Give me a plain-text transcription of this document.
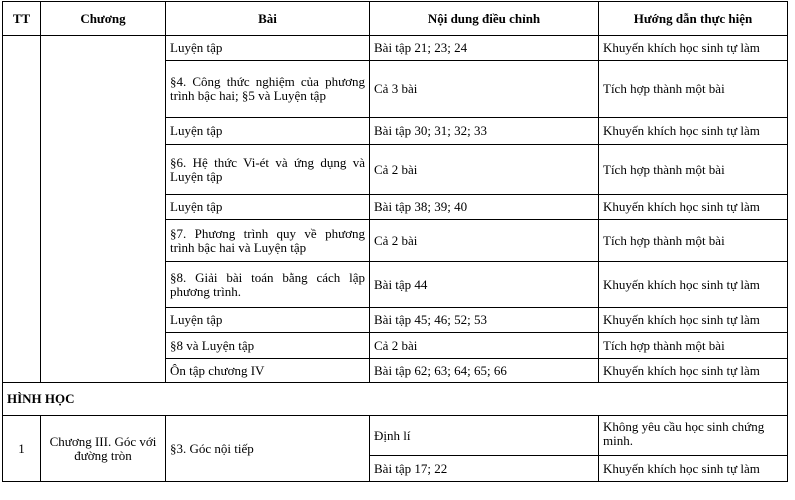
TT	Chương	Bài	Nội dung điều chỉnh	Hướng dẫn thực hiện
		Luyện tập	Bài tập 21; 23; 24	Khuyến khích học sinh tự làm
		§4. Công thức nghiệm của phương trình bậc hai; §5 và Luyện tập	Cả 3 bài	Tích hợp thành một bài
		Luyện tập	Bài tập 30; 31; 32; 33	Khuyến khích học sinh tự làm
		§6. Hệ thức Vi-ét và ứng dụng và Luyện tập	Cả 2 bài	Tích hợp thành một bài
		Luyện tập	Bài tập 38; 39; 40	Khuyến khích học sinh tự làm
		§7. Phương trình quy về phương trình bậc hai và Luyện tập	Cả 2 bài	Tích hợp thành một bài
		§8. Giải bài toán bằng cách lập phương trình.	Bài tập 44	Khuyến khích học sinh tự làm
		Luyện tập	Bài tập 45; 46; 52; 53	Khuyến khích học sinh tự làm
		§8 và Luyện tập	Cả 2 bài	Tích hợp thành một bài
		Ôn tập chương IV	Bài tập 62; 63; 64; 65; 66	Khuyến khích học sinh tự làm
HÌNH HỌC				
1	Chương III. Góc với đường tròn	§3. Góc nội tiếp	Định lí	Không yêu cầu học sinh chứng minh.
			Bài tập 17; 22	Khuyến khích học sinh tự làm
